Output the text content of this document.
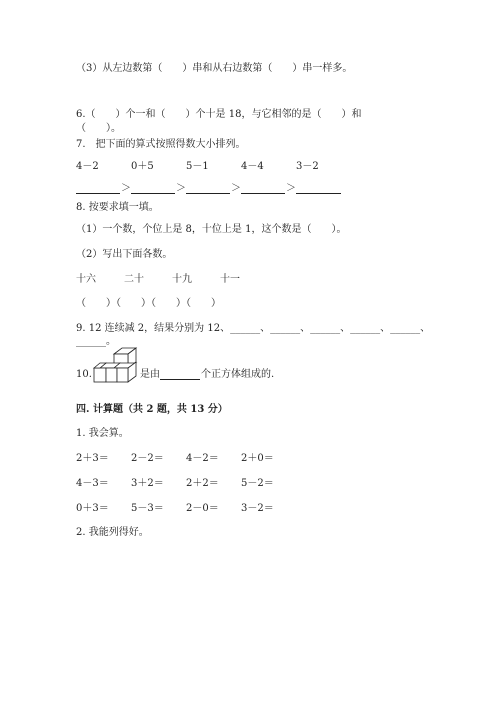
（3）从左边数第（　　）串和从右边数第（　　）串一样多。
6.（　　）个一和（　　）个十是 18，与它相邻的是（　　）和
（　　）。
7.　把下面的算式按照得数大小排列。
4－2	0＋5	5－1	4－4	3－2
＞	＞	＞	＞
8. 按要求填一填。
（1）一个数，个位上是 8，十位上是 1，这个数是（　　）。
（2）写出下面各数。
十六	二十	十九	十一
（　　）（　　）（　　）（　　）
9. 12 连续减 2，结果分别为 12、______、______、______、______、______、
______。
10.	是由	个正方体组成的.
四. 计算题（共 2 题，共 13 分）
1. 我会算。
2＋3＝ 2－2＝ 4－2＝ 2＋0＝
4－3＝ 3＋2＝ 2＋2＝ 5－2＝
0＋3＝ 5－3＝ 2－0＝ 3－2＝
2. 我能列得好。
